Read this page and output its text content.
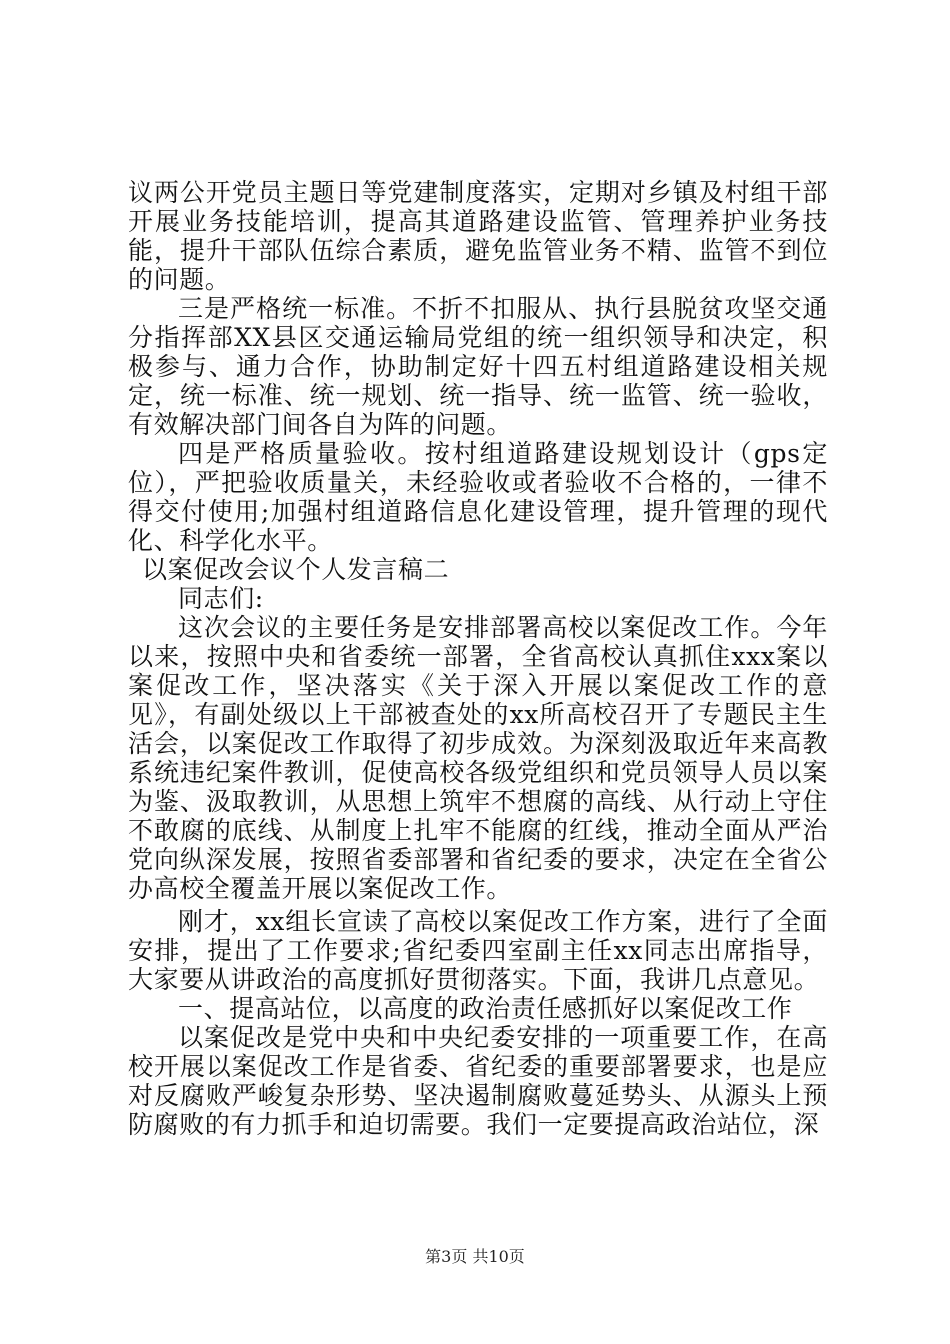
议两公开党员主题日等党建制度落实，定期对乡镇及村组干部开展业务技能培训，提高其道路建设监管、管理养护业务技能，提升干部队伍综合素质，避免监管业务不精、监管不到位的问题。

三是严格统一标准。不折不扣服从、执行县脱贫攻坚交通分指挥部XX县区交通运输局党组的统一组织领导和决定，积极参与、通力合作，协助制定好十四五村组道路建设相关规定，统一标准、统一规划、统一指导、统一监管、统一验收，有效解决部门间各自为阵的问题。

四是严格质量验收。按村组道路建设规划设计（gps定位），严把验收质量关，未经验收或者验收不合格的，一律不得交付使用;加强村组道路信息化建设管理，提升管理的现代化、科学化水平。

以案促改会议个人发言稿二

同志们:

这次会议的主要任务是安排部署高校以案促改工作。今年以来，按照中央和省委统一部署，全省高校认真抓住xxx案以案促改工作，坚决落实《关于深入开展以案促改工作的意见》，有副处级以上干部被查处的xx所高校召开了专题民主生活会，以案促改工作取得了初步成效。为深刻汲取近年来高教系统违纪案件教训，促使高校各级党组织和党员领导人员以案为鉴、汲取教训，从思想上筑牢不想腐的高线、从行动上守住不敢腐的底线、从制度上扎牢不能腐的红线，推动全面从严治党向纵深发展，按照省委部署和省纪委的要求，决定在全省公办高校全覆盖开展以案促改工作。

刚才，xx组长宣读了高校以案促改工作方案，进行了全面安排，提出了工作要求;省纪委四室副主任xx同志出席指导，大家要从讲政治的高度抓好贯彻落实。下面，我讲几点意见。

一、提高站位，以高度的政治责任感抓好以案促改工作

以案促改是党中央和中央纪委安排的一项重要工作，在高校开展以案促改工作是省委、省纪委的重要部署要求，也是应对反腐败严峻复杂形势、坚决遏制腐败蔓延势头、从源头上预防腐败的有力抓手和迫切需要。我们一定要提高政治站位，深

第3页 共10页
